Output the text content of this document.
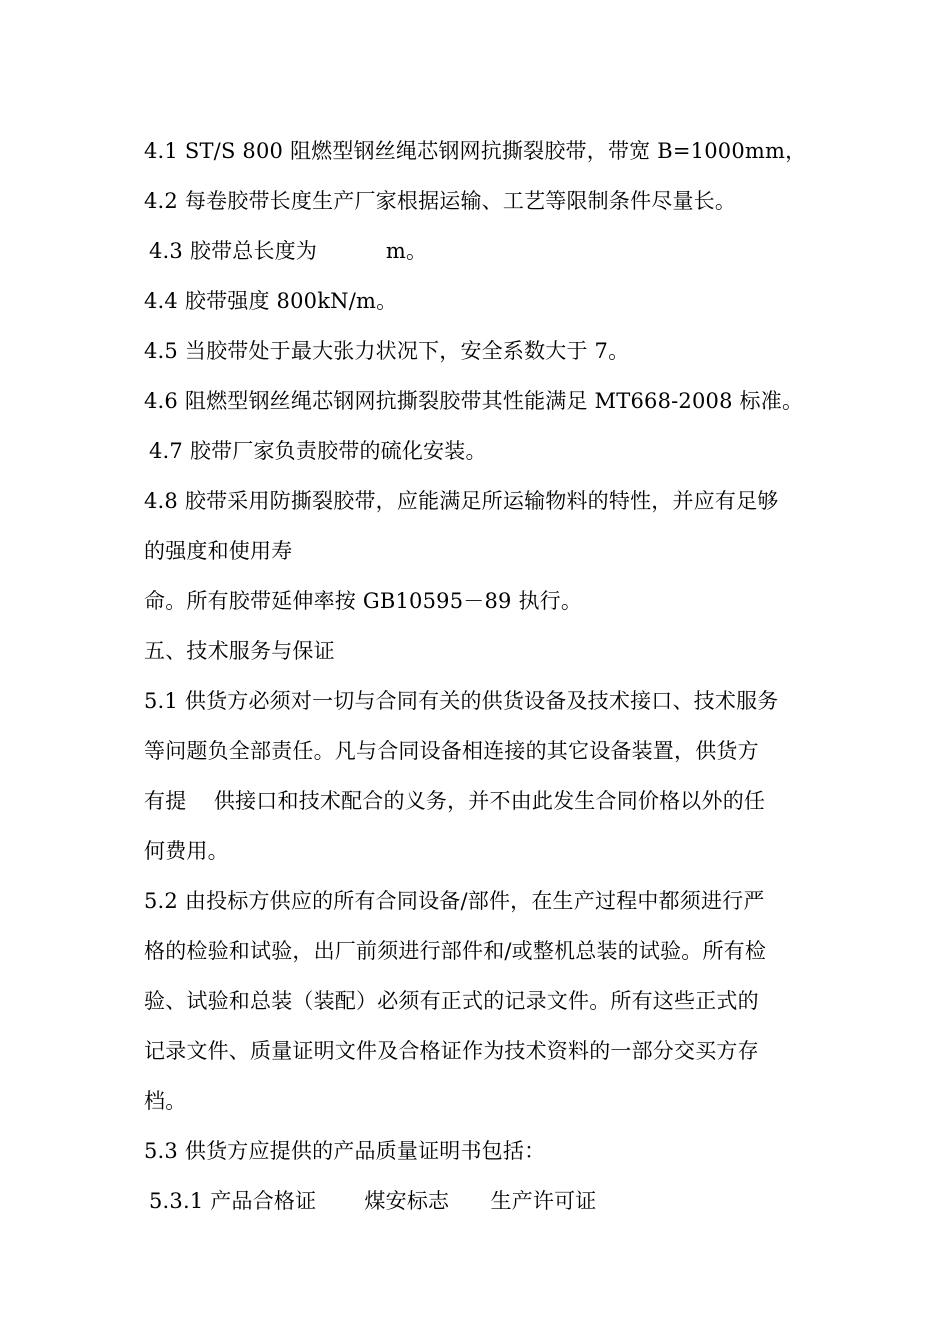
4.1 ST/S 800 阻燃型钢丝绳芯钢网抗撕裂胶带，带宽 B=1000mm，
4.2 每卷胶带长度生产厂家根据运输、工艺等限制条件尽量长。
4.3 胶带总长度为          m。
4.4 胶带强度 800kN/m。
4.5 当胶带处于最大张力状况下，安全系数大于 7。
4.6 阻燃型钢丝绳芯钢网抗撕裂胶带其性能满足 MT668-2008 标准。
4.7 胶带厂家负责胶带的硫化安装。
4.8 胶带采用防撕裂胶带，应能满足所运输物料的特性，并应有足够
的强度和使用寿
命。所有胶带延伸率按 GB10595－89 执行。
五、技术服务与保证
5.1 供货方必须对一切与合同有关的供货设备及技术接口、技术服务
等问题负全部责任。凡与合同设备相连接的其它设备装置，供货方
有提    供接口和技术配合的义务，并不由此发生合同价格以外的任
何费用。
5.2 由投标方供应的所有合同设备/部件，在生产过程中都须进行严
格的检验和试验，出厂前须进行部件和/或整机总装的试验。所有检
验、试验和总装（装配）必须有正式的记录文件。所有这些正式的
记录文件、质量证明文件及合格证作为技术资料的一部分交买方存
档。
5.3 供货方应提供的产品质量证明书包括：
5.3.1 产品合格证       煤安标志      生产许可证
